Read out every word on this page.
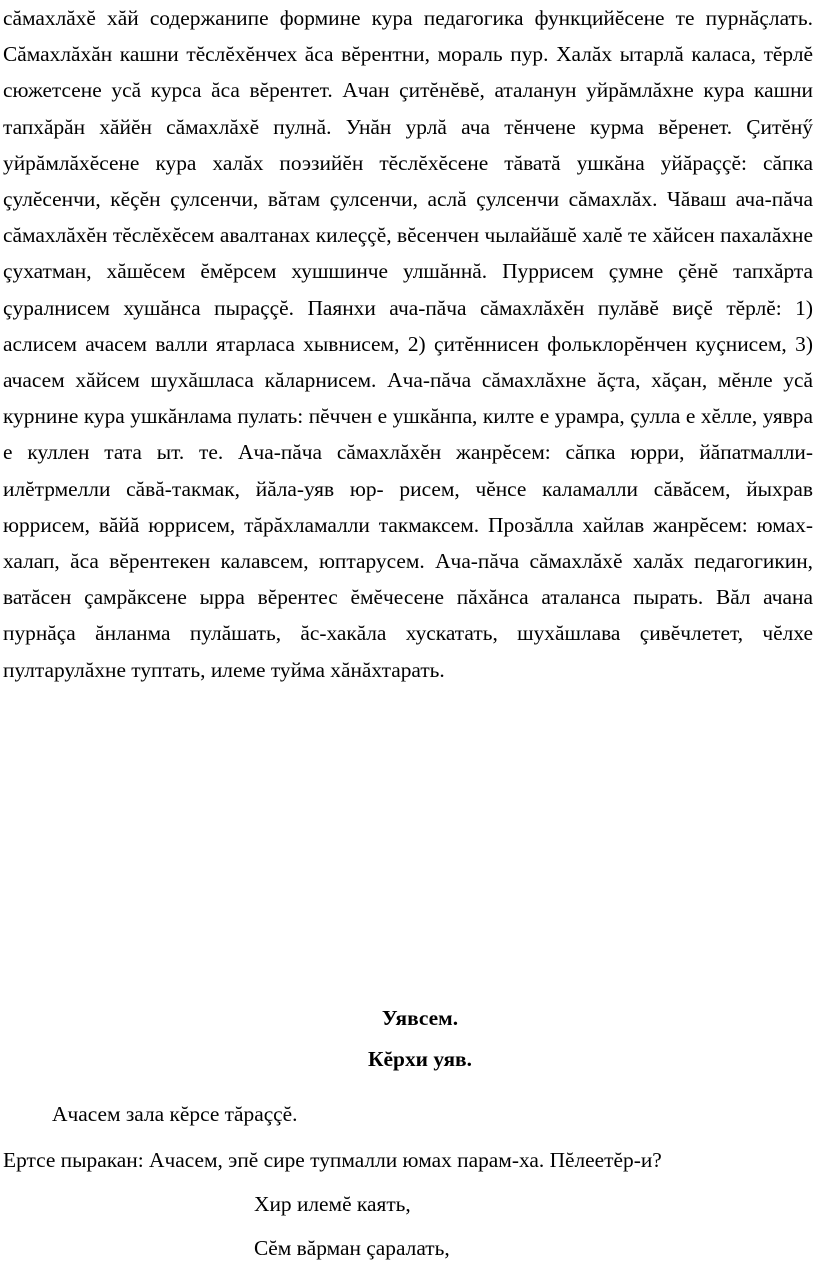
сăмахлăхĕ хăй содержанипе формине кура педагогика функцийĕсене те пурнăçлать. Сăмахлăхăн кашни тĕслĕхĕнчех ăса вĕрентни, мораль пур. Халăх ытарлă каласа, тĕрлĕ сюжетсене усă курса ăса вĕрентет. Ачан çитĕнĕвĕ, аталанун уйрăмлăхне кура кашни тапхăрăн хăйĕн сăмахлăхĕ пулнă. Унăн урлă ача тĕнчене курма вĕренет. Çитĕнӳ уйрăмлăхĕсене кура халăх поэзийĕн тĕслĕхĕсене тăватă ушкăна уйăраççĕ: сăпка çулĕсенчи, кĕçĕн çулсенчи, вăтам çулсенчи, аслă çулсенчи сăмахлăх. Чăваш ача-пăча сăмахлăхĕн тĕслĕхĕсем авалтанах килеççĕ, вĕсенчен чылайăшĕ халĕ те хăйсен пахалăхне çухатман, хăшĕсем ĕмĕрсем хушшинче улшăннă. Пуррисем çумне çĕнĕ тапхăрта çуралнисем хушăнса пыраççĕ. Паянхи ача-пăча сăмахлăхĕн пулăвĕ виçĕ тĕрлĕ: 1) аслисем ачасем валли ятарласа хывнисем, 2) çитĕннисен фольклорĕнчен куçнисем, 3) ачасем хăйсем шухăшласа кăларнисем. Ача-пăча сăмахлăхне ăçта, хăçан, мĕнле усă курнине кура ушкăнлама пулать: пĕччен е ушкăнпа, килте е урамра, çулла е хĕлле, уявра е куллен тата ыт. те. Ача-пăча сăмахлăхĕн жанрĕсем: сăпка юрри, йăпатмалли-илĕтрмелли сăвă-такмак, йăла-уяв юр- рисем, чĕнсе каламалли сăвăсем, йыхрав юррисем, вăйă юррисем, тăрăхламалли такмаксем. Прозăлла хайлав жанрĕсем: юмах-халап, ăса вĕрентекен калавсем, юптарусем. Ача-пăча сăмахлăхĕ халăх педагогикин, ватăсен çамрăксене ырра вĕрентес ĕмĕчесене пăхăнса аталанса пырать. Вăл ачана пурнăçа ăнланма пулăшать, ăс-хакăла хускатать, шухăшлава çивĕчлетет, чĕлхе пултарулăхне туптать, илеме туйма хăнăхтарать.

Уявсем.
Кĕрхи уяв.
Ачасем зала кĕрсе тăраççĕ.
Ертсе пыракан: Ачасем, эпĕ сире тупмалли юмах парам-ха. Пĕлеетĕр-и?
Хир илемĕ каять,
Сĕм вăрман çаралать,
